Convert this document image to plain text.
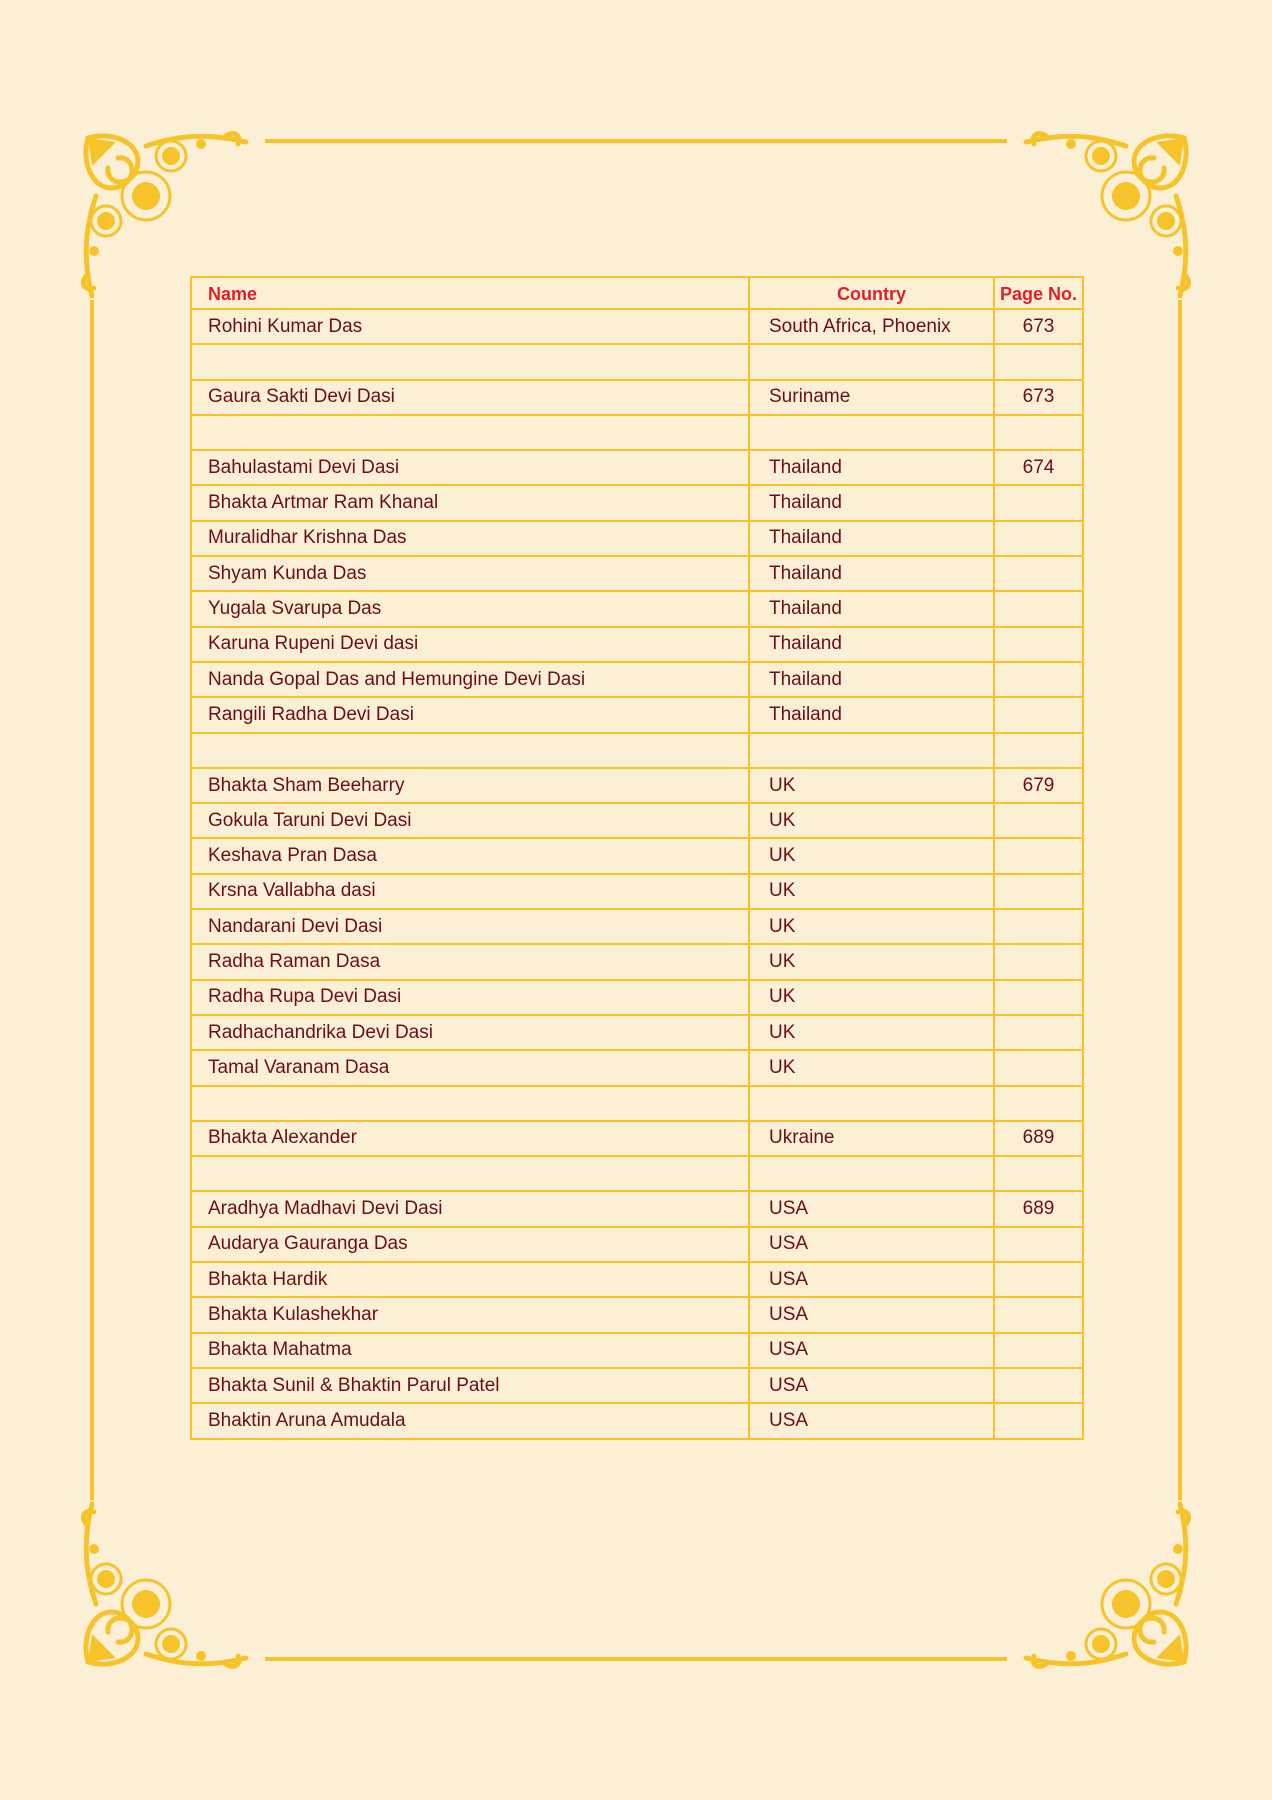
Name	Country	Page No.
Rohini Kumar Das	South Africa, Phoenix	673

Gaura Sakti Devi Dasi	Suriname	673

Bahulastami Devi Dasi	Thailand	674
Bhakta Artmar Ram Khanal	Thailand	
Muralidhar Krishna Das	Thailand	
Shyam Kunda Das	Thailand	
Yugala Svarupa Das	Thailand	
Karuna Rupeni Devi dasi	Thailand	
Nanda Gopal Das and Hemungine Devi Dasi	Thailand	
Rangili Radha Devi Dasi	Thailand	

Bhakta Sham Beeharry	UK	679
Gokula Taruni Devi Dasi	UK	
Keshava Pran Dasa	UK	
Krsna Vallabha dasi	UK	
Nandarani Devi Dasi	UK	
Radha Raman Dasa	UK	
Radha Rupa Devi Dasi	UK	
Radhachandrika Devi Dasi	UK	
Tamal Varanam Dasa	UK	

Bhakta Alexander	Ukraine	689

Aradhya Madhavi Devi Dasi	USA	689
Audarya Gauranga Das	USA	
Bhakta Hardik	USA	
Bhakta Kulashekhar	USA	
Bhakta Mahatma	USA	
Bhakta Sunil & Bhaktin Parul Patel	USA	
Bhaktin Aruna Amudala	USA	
